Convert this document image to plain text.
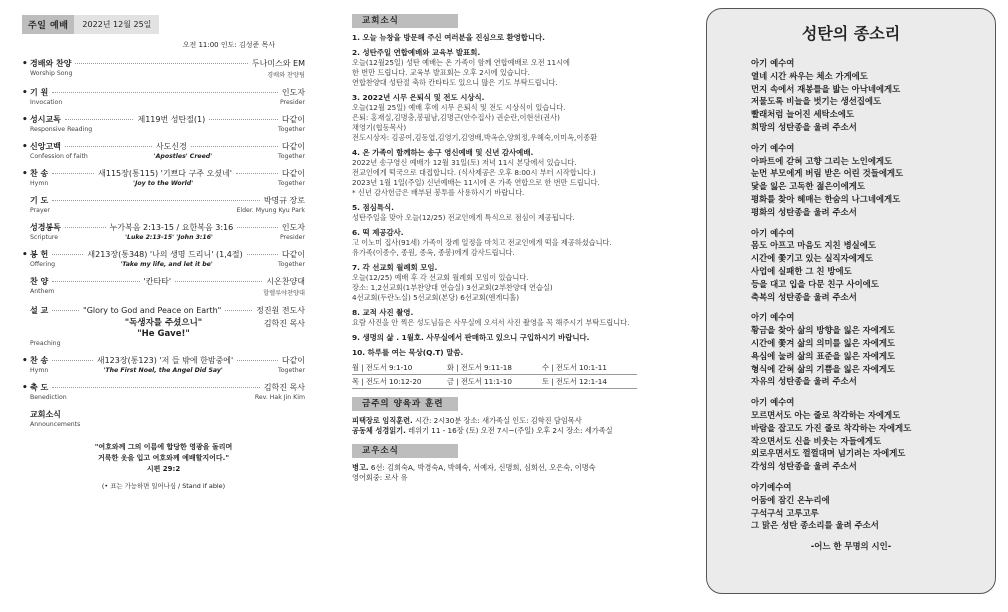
주일 예배	2022년 12월 25일
오전 11:00 인도: 김성준 목사
• 경배와 찬양	두나미스와 EM
Worship Song	경배와 찬양팀
• 기 원	인도자
Invocation	Presider
• 성시교독	제119번 성탄절(1)	다같이
Responsive Reading	Together
• 신앙고백	사도신경	다같이
Confession of faith	'Apostles' Creed'	Together
• 찬 송	새115장(통115) '기쁘다 구주 오셨네'	다같이
Hymn	'Joy to the World'	Together
기 도	박명규 장로
Prayer	Elder. Myung Kyu Park
성경봉독	누가복음 2:13-15 / 요한복음 3:16	인도자
Scripture	'Luke 2:13-15' 'John 3:16'	Presider
• 봉 헌	새213장(통348) '나의 생명 드리니' (1,4절)	다같이
Offering	'Take my life, and let it be'	Together
찬 양	'칸타타'	시온찬양대
Anthem	할렐루야찬양대
설 교	"Glory to God and Peace on Earth"	정진원 전도사
"독생자를 주셨으니"	김학진 목사
"He Gave!"
Preaching
• 찬 송	새123장(통123) '저 들 밖에 한밤중에'	다같이
Hymn	'The First Noel, the Angel Did Say'	Together
• 축 도	김학진 목사
Benediction	Rev. Hak Jin Kim
교회소식
Announcements
"여호와께 그의 이름에 합당한 영광을 돌리며
거룩한 옷을 입고 여호와께 예배할지어다."
시편 29:2
(• 표는 가능하면 일어나심 / Stand if able)
교회소식
1. 오늘 뉴창을 방문해 주신 여러분을 진심으로 환영합니다.
2. 성탄주일 연합예배와 교육부 발표회.
오늘(12월25일) 성탄 예배는 온 가족이 함께 연합예배로 오전 11시에
한 번만 드립니다. 교육부 발표회는 오후 2시에 있습니다.
연합찬양대 성탄절 축하 칸타타도 있으니 많은 기도 부탁드립니다.
3. 2022년 시무 은퇴식 및 전도 시상식.
오늘(12월 25일) 예배 후에 시무 은퇴식 및 전도 시상식이 있습니다.
은퇴: 홍재실,김명충,봉필남,김명근(안수집사) 권순란,이현선(권사)
채영기(협동목사)
전도시상자: 김공여,김동엽,김영기,김영배,박옥순,양희정,우혜숙,이미옥,이종환
4. 온 가족이 함께하는 송구 영신예배 및 신년 감사예배.
2022년 송구영신 예배가 12월 31일(토) 저녁 11시 본당에서 있습니다.
전교인에게 떡국으로 대접합니다. (식사제공은 오후 8:00시 부터 시작합니다.)
2023년 1월 1일(주일) 신년예배는 11시에 온 가족 연합으로 한 번만 드립니다.
* 신년 감사헌금은 배부된 봉투를 사용하시기 바랍니다.
5. 점심특식.
성탄주일을 맞아 오늘(12/25) 전교인에게 특식으로 점심이 제공됩니다.
6. 떡 제공감사.
고 이노미 집사(91세) 가족이 장례 일정을 마치고 전교인에게 떡을 제공하셨습니다.
유가족(이종수, 종원, 종옥, 종봉)에게 감사드립니다.
7. 각 선교회 월례회 모임.
오늘(12/25) 예배 후 각 선교회 월례회 모임이 있습니다.
장소: 1,2선교회(1부찬양대 연습실) 3선교회(2부찬양대 연습실)
4선교회(두란노실) 5선교회(본당) 6선교회(엔게디홀)
8. 교적 사진 촬영.
요람 사진을 안 찍은 성도님들은 사무실에 오셔서 사진 촬영을 꼭 해주시기 부탁드립니다.
9. 생명의 삶 . 1월호. 사무실에서 판매하고 있으니 구입하시기 바랍니다.
10. 하루를 여는 묵상(Q.T) 말씀.
월 | 전도서 9:1-10	화 | 전도서 9:11-18	수 | 전도서 10:1-11
목 | 전도서 10:12-20	금 | 전도서 11:1-10	토 | 전도서 12:1-14
금주의 양육과 훈련
피택장로 임직훈련. 시간: 2시30분 장소: 새가족실 인도: 김학진 담임목사
공동체 성경읽기. 레위기 11 - 16장 (토) 오전 7시~(주일) 오후 2시 장소: 세가족실
교우소식
병고. 6선: 김희숙A, 박경숙A, 박혜숙, 서예자, 신명희, 심희선, 오은숙, 이명숙
영어회중: 로사 유
성탄의 종소리
아기 예수여
열네 시간 싸우는 체소 가게에도
먼지 속에서 재봉틀을 밟는 아낙네에게도
저물도록 비늘을 벗기는 생선집에도
빨래처럼 늘어진 세탁소에도
희망의 성탄종을 울려 주소서
아기 예수여
아파트에 갇혀 고향 그리는 노인에게도
눈먼 부모에게 버림 받은 어린 것들에게도
닻을 잃은 고독한 젊은이에게도
평화를 찾아 헤매는 한숨의 나그네에게도
평화의 성탄종을 울려 주소서
아기 예수여
몸도 아프고 마음도 지친 병실에도
시간에 쫓기고 있는 실직자에게도
사업에 실패한 그 친 방에도
등을 대고 입을 다문 친구 사이에도
축복의 성탄종을 울려 주소서
아기 예수여
황금을 찾아 삶의 방향을 잃은 자에게도
시간에 쫓겨 삶의 의미를 잃은 자에게도
욕심에 눌려 삶의 표준을 잃은 자에게도
형식에 갇혀 삶의 기쁨을 잃은 자에게도
자유의 성탄종을 울려 주소서
아기 예수여
모르면서도 아는 줄로 착각하는 자에게도
바람을 잡고도 가진 줄로 착각하는 자에게도
작으면서도 신을 비웃는 자들에게도
외로우면서도 껄껄대며 넘기려는 자에게도
각성의 성탄종을 울려 주소서
아기예수여
어둠에 잠긴 온누리에
구석구석 고루고루
그 맑은 성탄 종소리를 울려 주소서
-어느 한 무명의 시인-
